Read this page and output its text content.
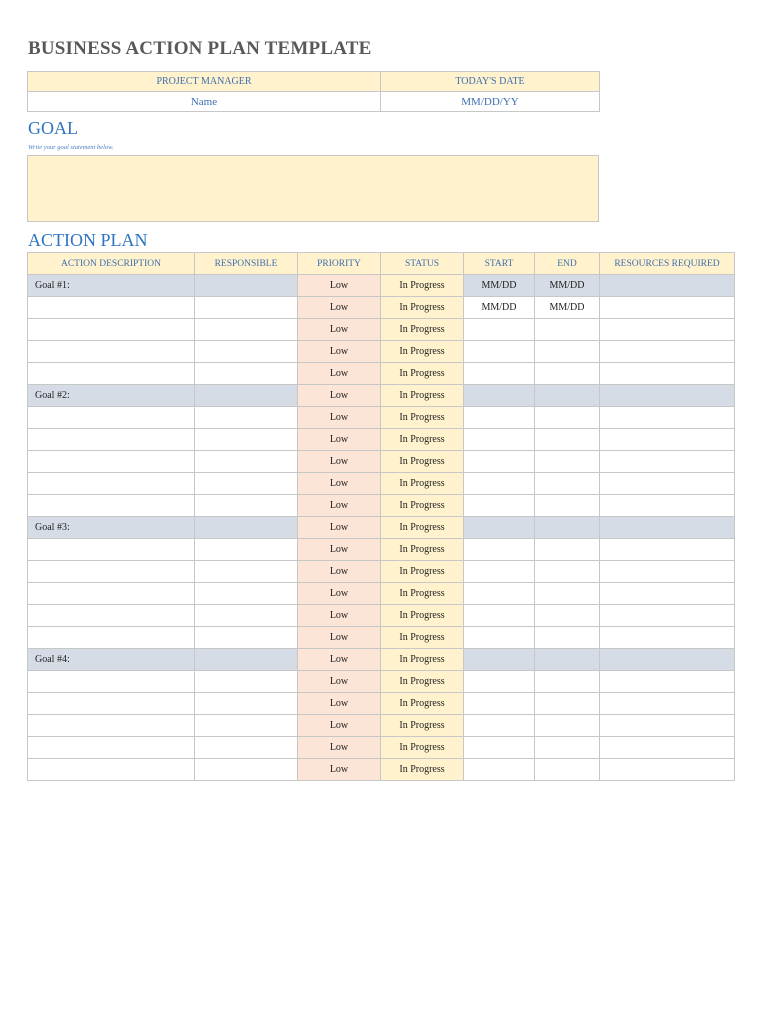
BUSINESS ACTION PLAN TEMPLATE
PROJECT MANAGER	TODAY'S DATE
Name	MM/DD/YY
GOAL
Write your goal statement below.
ACTION PLAN
ACTION DESCRIPTION	RESPONSIBLE	PRIORITY	STATUS	START	END	RESOURCES REQUIRED
Goal #1:		Low	In Progress	MM/DD	MM/DD	
		Low	In Progress	MM/DD	MM/DD	
		Low	In Progress			
		Low	In Progress			
		Low	In Progress			
Goal #2:		Low	In Progress			
		Low	In Progress			
		Low	In Progress			
		Low	In Progress			
		Low	In Progress			
		Low	In Progress			
Goal #3:		Low	In Progress			
		Low	In Progress			
		Low	In Progress			
		Low	In Progress			
		Low	In Progress			
		Low	In Progress			
Goal #4:		Low	In Progress			
		Low	In Progress			
		Low	In Progress			
		Low	In Progress			
		Low	In Progress			
		Low	In Progress			
